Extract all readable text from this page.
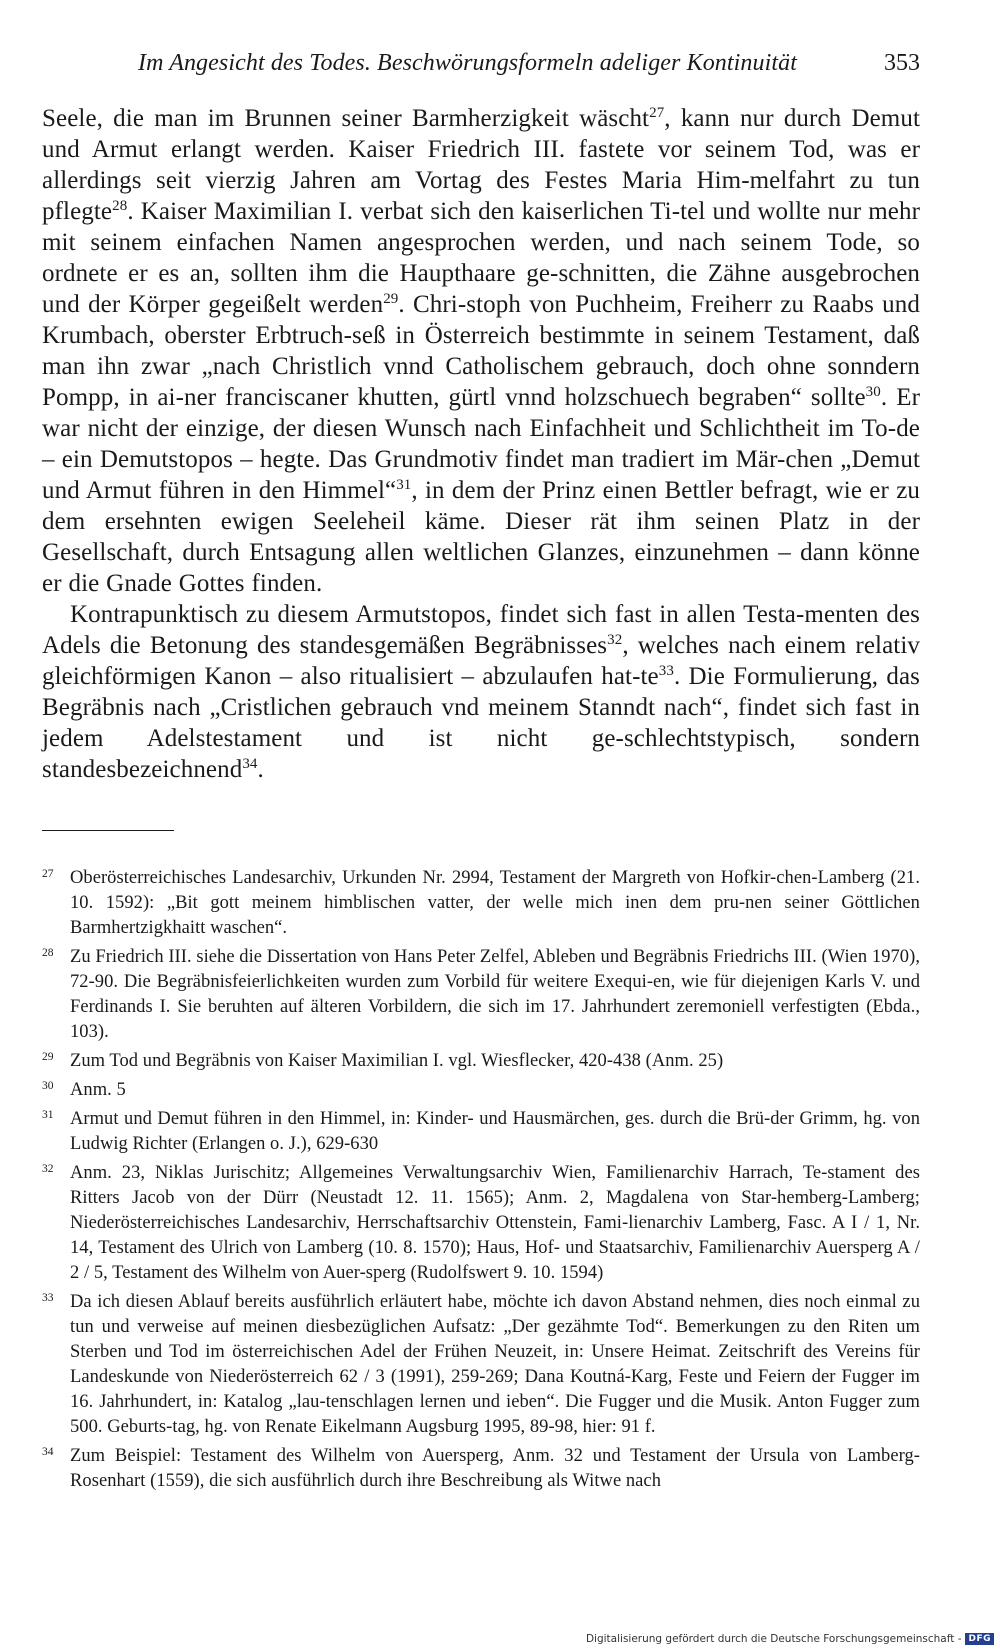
Im Angesicht des Todes. Beschwörungsformeln adeliger Kontinuität	353

Seele, die man im Brunnen seiner Barmherzigkeit wäscht$^{27}$, kann nur durch Demut und Armut erlangt werden. Kaiser Friedrich III. fastete vor seinem Tod, was er allerdings seit vierzig Jahren am Vortag des Festes Maria Him-melfahrt zu tun pflegte$^{28}$. Kaiser Maximilian I. verbat sich den kaiserlichen Ti-tel und wollte nur mehr mit seinem einfachen Namen angesprochen werden, und nach seinem Tode, so ordnete er es an, sollten ihm die Haupthaare ge-schnitten, die Zähne ausgebrochen und der Körper gegeißelt werden$^{29}$. Chri-stoph von Puchheim, Freiherr zu Raabs und Krumbach, oberster Erbtruch-seß in Österreich bestimmte in seinem Testament, daß man ihn zwar „nach Christlich vnnd Catholischem gebrauch, doch ohne sonndern Pompp, in ai-ner franciscaner khutten, gürtl vnnd holzschuech begraben“ sollte$^{30}$. Er war nicht der einzige, der diesen Wunsch nach Einfachheit und Schlichtheit im To-de – ein Demutstopos – hegte. Das Grundmotiv findet man tradiert im Mär-chen „Demut und Armut führen in den Himmel“$^{31}$, in dem der Prinz einen Bettler befragt, wie er zu dem ersehnten ewigen Seeleheil käme. Dieser rät ihm seinen Platz in der Gesellschaft, durch Entsagung allen weltlichen Glanzes, einzunehmen – dann könne er die Gnade Gottes finden.

Kontrapunktisch zu diesem Armutstopos, findet sich fast in allen Testa-menten des Adels die Betonung des standesgemäßen Begräbnisses$^{32}$, welches nach einem relativ gleichförmigen Kanon – also ritualisiert – abzulaufen hat-$te^{33}$. Die Formulierung, das Begräbnis nach „Cristlichen gebrauch vnd meinem Stanndt nach“, findet sich fast in jedem Adelstestament und ist nicht ge-schlechtstypisch, sondern standesbezeichnend$^{34}$.

27 Oberösterreichisches Landesarchiv, Urkunden Nr. 2994, Testament der Margreth von Hofkir-chen-Lamberg (21. 10. 1592): „Bit gott meinem himblischen vatter, der welle mich inen dem pru-nen seiner Göttlichen Barmhertzigkhaitt waschen“.
28 Zu Friedrich III. siehe die Dissertation von Hans Peter Zelfel, Ableben und Begräbnis Friedrichs III. (Wien 1970), 72-90. Die Begräbnisfeierlichkeiten wurden zum Vorbild für weitere Exequi-en, wie für diejenigen Karls V. und Ferdinands I. Sie beruhten auf älteren Vorbildern, die sich im 17. Jahrhundert zeremoniell verfestigten (Ebda., 103).
29 Zum Tod und Begräbnis von Kaiser Maximilian I. vgl. Wiesflecker, 420-438 (Anm. 25)
30 Anm. 5
31 Armut und Demut führen in den Himmel, in: Kinder- und Hausmärchen, ges. durch die Brü-der Grimm, hg. von Ludwig Richter (Erlangen o. J.), 629-630
32 Anm. 23, Niklas Jurischitz; Allgemeines Verwaltungsarchiv Wien, Familienarchiv Harrach, Te-stament des Ritters Jacob von der Dürr (Neustadt 12. 11. 1565); Anm. 2, Magdalena von Star-hemberg-Lamberg; Niederösterreichisches Landesarchiv, Herrschaftsarchiv Ottenstein, Fami-lienarchiv Lamberg, Fasc. A I / 1, Nr. 14, Testament des Ulrich von Lamberg (10. 8. 1570); Haus, Hof- und Staatsarchiv, Familienarchiv Auersperg A / 2 / 5, Testament des Wilhelm von Auer-sperg (Rudolfswert 9. 10. 1594)
33 Da ich diesen Ablauf bereits ausführlich erläutert habe, möchte ich davon Abstand nehmen, dies noch einmal zu tun und verweise auf meinen diesbezüglichen Aufsatz: „Der gezähmte Tod“. Bemerkungen zu den Riten um Sterben und Tod im österreichischen Adel der Frühen Neuzeit, in: Unsere Heimat. Zeitschrift des Vereins für Landeskunde von Niederösterreich 62 / 3 (1991), 259-269; Dana Koutná-Karg, Feste und Feiern der Fugger im 16. Jahrhundert, in: Katalog „lau-tenschlagen lernen und ieben“. Die Fugger und die Musik. Anton Fugger zum 500. Geburts-tag, hg. von Renate Eikelmann Augsburg 1995, 89-98, hier: 91 f.
34 Zum Beispiel: Testament des Wilhelm von Auersperg, Anm. 32 und Testament der Ursula von Lamberg-Rosenhart (1559), die sich ausführlich durch ihre Beschreibung als Witwe nach
Digitalisierung gefördert durch die Deutsche Forschungsgemeinschaft - DFG
